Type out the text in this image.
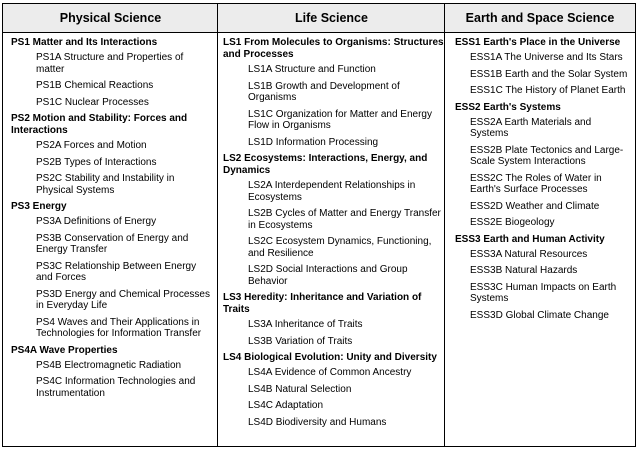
Physical Science	Life Science	Earth and Space Science
PS1 Matter and Its Interactions
PS1A Structure and Properties of matter
PS1B Chemical Reactions
PS1C Nuclear Processes
PS2 Motion and Stability: Forces and Interactions
PS2A Forces and Motion
PS2B Types of Interactions
PS2C Stability and Instability in Physical Systems
PS3 Energy
PS3A Definitions of Energy
PS3B Conservation of Energy and Energy Transfer
PS3C Relationship Between Energy and Forces
PS3D Energy and Chemical Processes in Everyday Life
PS4 Waves and Their Applications in Technologies for Information Transfer
PS4A Wave Properties
PS4B Electromagnetic Radiation
PS4C Information Technologies and Instrumentation
LS1 From Molecules to Organisms: Structures and Processes
LS1A Structure and Function
LS1B Growth and Development of Organisms
LS1C Organization for Matter and Energy Flow in Organisms
LS1D Information Processing
LS2 Ecosystems: Interactions, Energy, and Dynamics
LS2A Interdependent Relationships in Ecosystems
LS2B Cycles of Matter and Energy Transfer in Ecosystems
LS2C Ecosystem Dynamics, Functioning, and Resilience
LS2D Social Interactions and Group Behavior
LS3 Heredity: Inheritance and Variation of Traits
LS3A Inheritance of Traits
LS3B Variation of Traits
LS4 Biological Evolution: Unity and Diversity
LS4A Evidence of Common Ancestry
LS4B Natural Selection
LS4C Adaptation
LS4D Biodiversity and Humans
ESS1 Earth's Place in the Universe
ESS1A The Universe and Its Stars
ESS1B Earth and the Solar System
ESS1C The History of Planet Earth
ESS2 Earth's Systems
ESS2A Earth Materials and Systems
ESS2B Plate Tectonics and Large-Scale System Interactions
ESS2C The Roles of Water in Earth's Surface Processes
ESS2D Weather and Climate
ESS2E Biogeology
ESS3 Earth and Human Activity
ESS3A Natural Resources
ESS3B Natural Hazards
ESS3C Human Impacts on Earth Systems
ESS3D Global Climate Change
